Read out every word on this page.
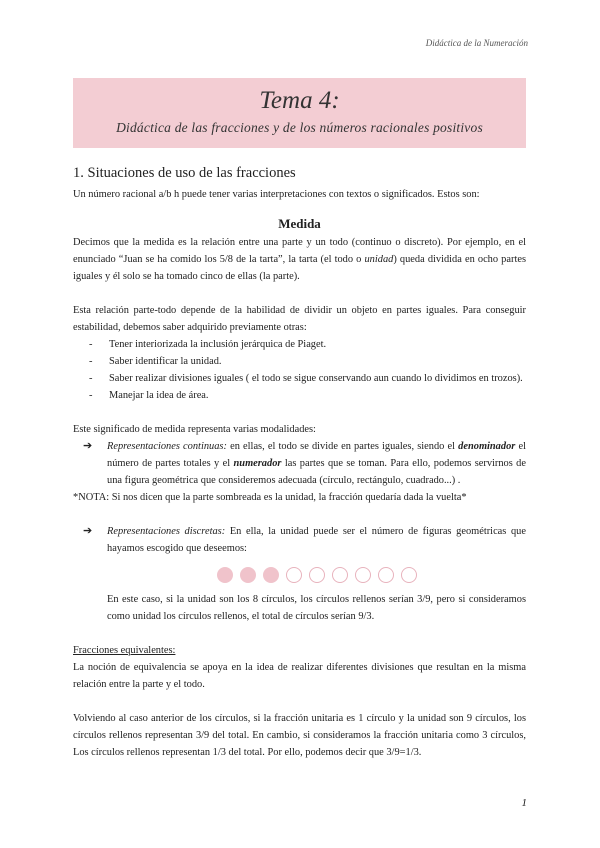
Didáctica de la Numeración
Tema 4:
Didáctica de las fracciones y de los números racionales positivos
1. Situaciones de uso de las fracciones

Un número racional a/b h puede tener varias interpretaciones con textos o significados. Estos son:

Medida

Decimos que la medida es la relación entre una parte y un todo (continuo o discreto). Por ejemplo, en el enunciado “Juan se ha comido los 5/8 de la tarta”, la tarta (el todo o unidad) queda dividida en ocho partes iguales y él solo se ha tomado cinco de ellas (la parte).

Esta relación parte-todo depende de la habilidad de dividir un objeto en partes iguales. Para conseguir estabilidad, debemos saber adquirido previamente otras:

- Tener interiorizada la inclusión jerárquica de Piaget.
- Saber identificar la unidad.
- Saber realizar divisiones iguales ( el todo se sigue conservando aun cuando lo dividimos en trozos).
- Manejar la idea de área.

Este significado de medida representa varias modalidades:

➔ Representaciones continuas: en ellas, el todo se divide en partes iguales, siendo el denominador el número de partes totales y el numerador las partes que se toman. Para ello, podemos servirnos de una figura geométrica que consideremos adecuada (círculo, rectángulo, cuadrado...) .

*NOTA: Si nos dicen que la parte sombreada es la unidad, la fracción quedaría dada la vuelta*

➔ Representaciones discretas: En ella, la unidad puede ser el número de figuras geométricas que hayamos escogido que deseemos:

En este caso, si la unidad son los 8 círculos, los círculos rellenos serían 3/9, pero si consideramos como unidad los círculos rellenos, el total de círculos serían 9/3.

Fracciones equivalentes:

La noción de equivalencia se apoya en la idea de realizar diferentes divisiones que resultan en la misma relación entre la parte y el todo.

Volviendo al caso anterior de los círculos, si la fracción unitaria es 1 círculo y la unidad son 9 círculos, los círculos rellenos representan 3/9 del total. En cambio, si consideramos la fracción unitaria como 3 círculos, Los círculos rellenos representan 1/3 del total. Por ello, podemos decir que 3/9=1/3.

1
